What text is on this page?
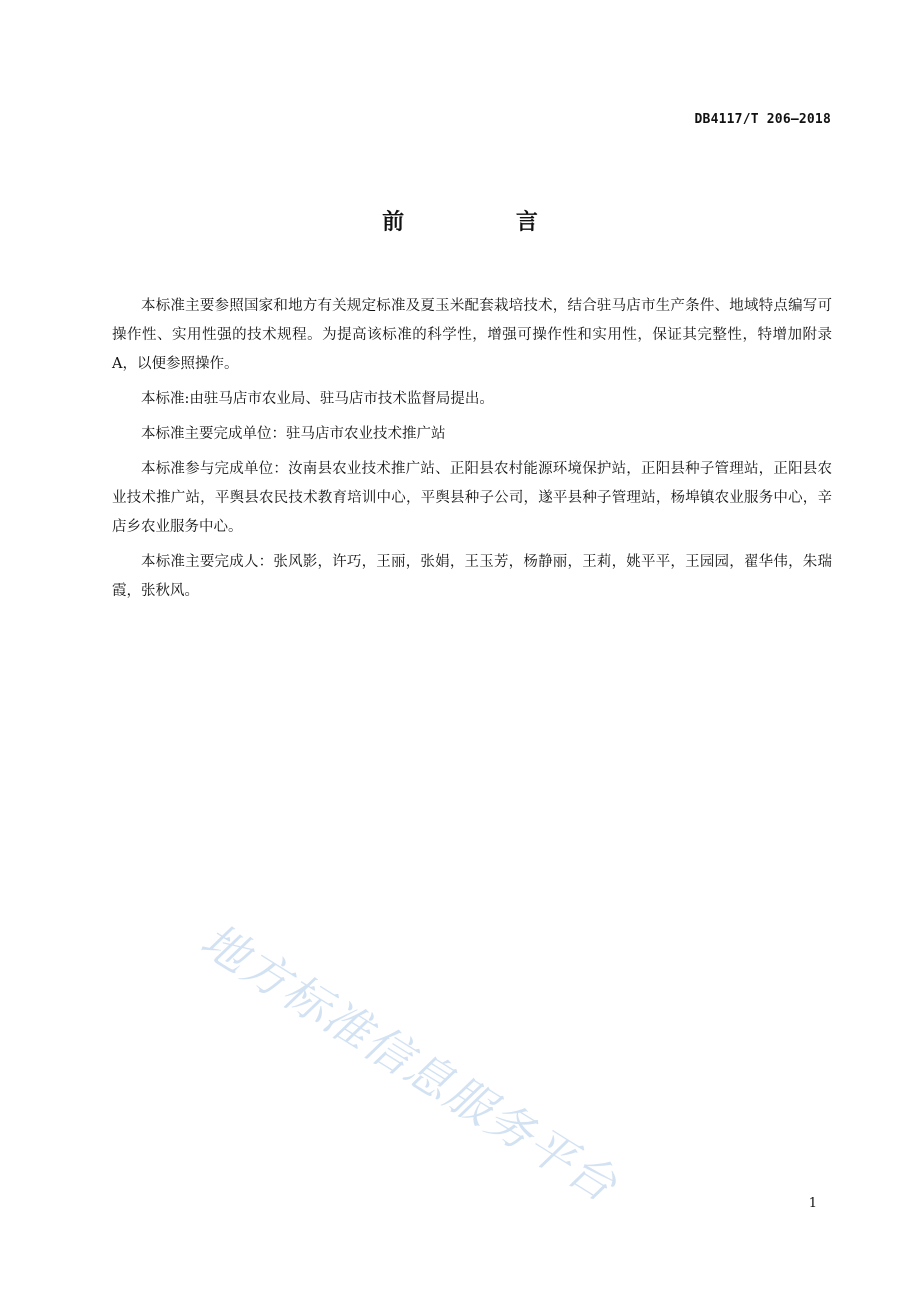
DB4117/T 206—2018
前 言

本标准主要参照国家和地方有关规定标准及夏玉米配套栽培技术，结合驻马店市生产条件、地域特点编写可操作性、实用性强的技术规程。为提高该标准的科学性，增强可操作性和实用性，保证其完整性，特增加附录A，以便参照操作。

本标准:由驻马店市农业局、驻马店市技术监督局提出。

本标准主要完成单位：驻马店市农业技术推广站

本标准参与完成单位：汝南县农业技术推广站、正阳县农村能源环境保护站，正阳县种子管理站，正阳县农业技术推广站，平舆县农民技术教育培训中心，平舆县种子公司，遂平县种子管理站，杨埠镇农业服务中心，辛店乡农业服务中心。

本标准主要完成人：张风影，许巧，王丽，张娟，王玉芳，杨静丽，王莉，姚平平，王园园，翟华伟，朱瑞霞，张秋风。

地方标准信息服务平台	1
